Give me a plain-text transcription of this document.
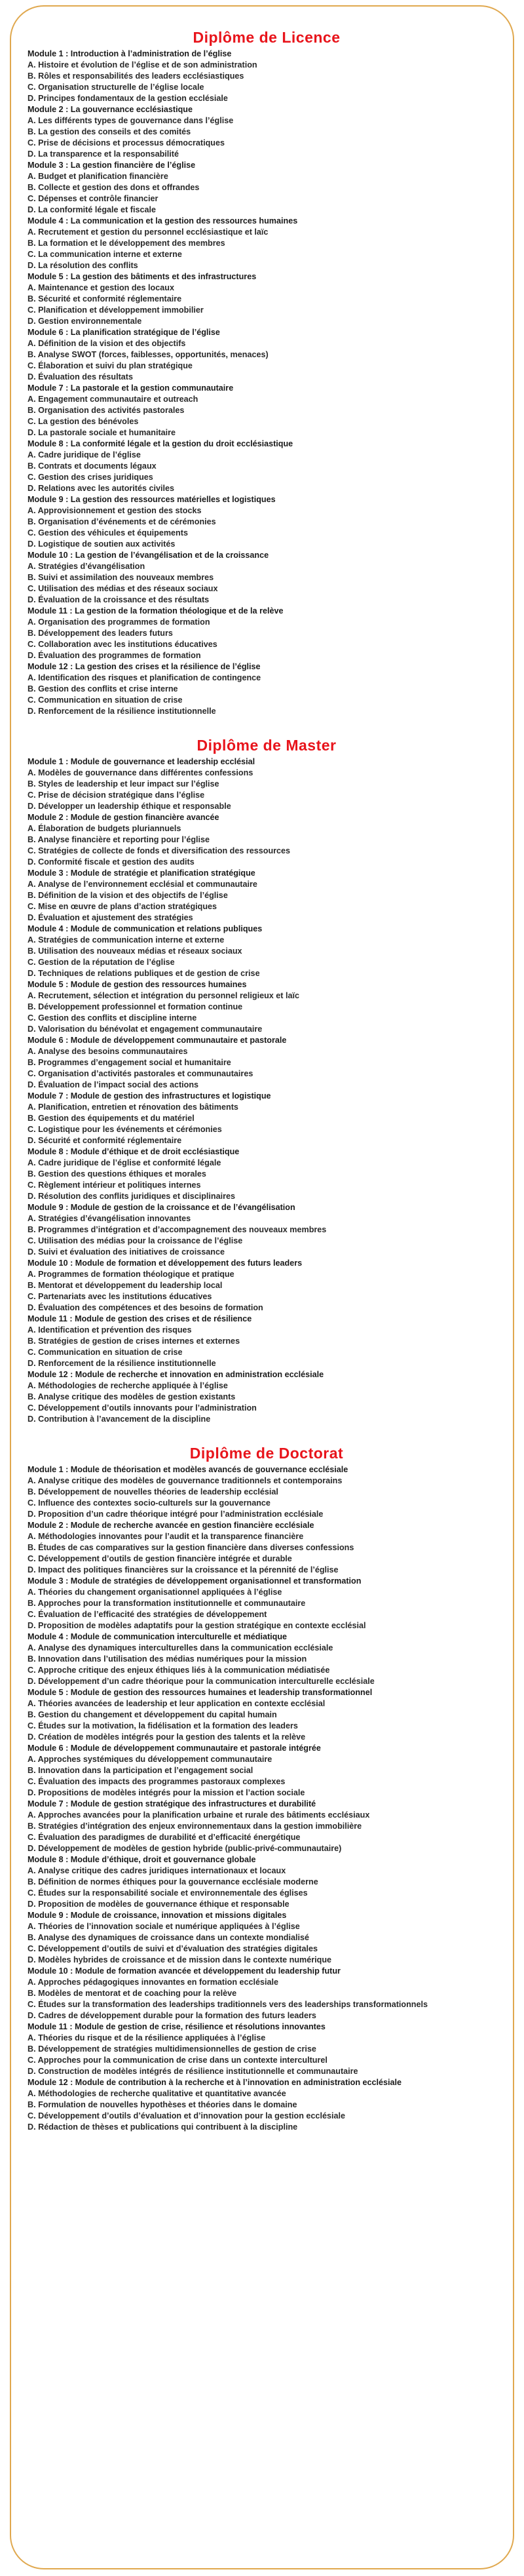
Diplôme de Licence
Module 1 : Introduction à l’administration de l’église
A. Histoire et évolution de l’église et de son administration
B. Rôles et responsabilités des leaders ecclésiastiques
C. Organisation structurelle de l’église locale
D. Principes fondamentaux de la gestion ecclésiale
Module 2 : La gouvernance ecclésiastique
A. Les différents types de gouvernance dans l’église
B. La gestion des conseils et des comités
C. Prise de décisions et processus démocratiques
D. La transparence et la responsabilité
Module 3 : La gestion financière de l’église
A. Budget et planification financière
B. Collecte et gestion des dons et offrandes
C. Dépenses et contrôle financier
D. La conformité légale et fiscale
Module 4 : La communication et la gestion des ressources humaines
A. Recrutement et gestion du personnel ecclésiastique et laïc
B. La formation et le développement des membres
C. La communication interne et externe
D. La résolution des conflits
Module 5 : La gestion des bâtiments et des infrastructures
A. Maintenance et gestion des locaux
B. Sécurité et conformité réglementaire
C. Planification et développement immobilier
D. Gestion environnementale
Module 6 : La planification stratégique de l’église
A. Définition de la vision et des objectifs
B. Analyse SWOT (forces, faiblesses, opportunités, menaces)
C. Élaboration et suivi du plan stratégique
D. Évaluation des résultats
Module 7 : La pastorale et la gestion communautaire
A. Engagement communautaire et outreach
B. Organisation des activités pastorales
C. La gestion des bénévoles
D. La pastorale sociale et humanitaire
Module 8 : La conformité légale et la gestion du droit ecclésiastique
A. Cadre juridique de l’église
B. Contrats et documents légaux
C. Gestion des crises juridiques
D. Relations avec les autorités civiles
Module 9 : La gestion des ressources matérielles et logistiques
A. Approvisionnement et gestion des stocks
B. Organisation d’événements et de cérémonies
C. Gestion des véhicules et équipements
D. Logistique de soutien aux activités
Module 10 : La gestion de l’évangélisation et de la croissance
A. Stratégies d’évangélisation
B. Suivi et assimilation des nouveaux membres
C. Utilisation des médias et des réseaux sociaux
D. Évaluation de la croissance et des résultats
Module 11 : La gestion de la formation théologique et de la relève
A. Organisation des programmes de formation
B. Développement des leaders futurs
C. Collaboration avec les institutions éducatives
D. Évaluation des programmes de formation
Module 12 : La gestion des crises et la résilience de l’église
A. Identification des risques et planification de contingence
B. Gestion des conflits et crise interne
C. Communication en situation de crise
D. Renforcement de la résilience institutionnelle
Diplôme de Master
Module 1 : Module de gouvernance et leadership ecclésial
A. Modèles de gouvernance dans différentes confessions
B. Styles de leadership et leur impact sur l’église
C. Prise de décision stratégique dans l’église
D. Développer un leadership éthique et responsable
Module 2 : Module de gestion financière avancée
A. Élaboration de budgets pluriannuels
B. Analyse financière et reporting pour l’église
C. Stratégies de collecte de fonds et diversification des ressources
D. Conformité fiscale et gestion des audits
Module 3 : Module de stratégie et planification stratégique
A. Analyse de l’environnement ecclésial et communautaire
B. Définition de la vision et des objectifs de l’église
C. Mise en œuvre de plans d’action stratégiques
D. Évaluation et ajustement des stratégies
Module 4 : Module de communication et relations publiques
A. Stratégies de communication interne et externe
B. Utilisation des nouveaux médias et réseaux sociaux
C. Gestion de la réputation de l’église
D. Techniques de relations publiques et de gestion de crise
Module 5 : Module de gestion des ressources humaines
A. Recrutement, sélection et intégration du personnel religieux et laïc
B. Développement professionnel et formation continue
C. Gestion des conflits et discipline interne
D. Valorisation du bénévolat et engagement communautaire
Module 6 : Module de développement communautaire et pastorale
A. Analyse des besoins communautaires
B. Programmes d’engagement social et humanitaire
C. Organisation d’activités pastorales et communautaires
D. Évaluation de l’impact social des actions
Module 7 : Module de gestion des infrastructures et logistique
A. Planification, entretien et rénovation des bâtiments
B. Gestion des équipements et du matériel
C. Logistique pour les événements et cérémonies
D. Sécurité et conformité réglementaire
Module 8 : Module d’éthique et de droit ecclésiastique
A. Cadre juridique de l’église et conformité légale
B. Gestion des questions éthiques et morales
C. Règlement intérieur et politiques internes
D. Résolution des conflits juridiques et disciplinaires
Module 9 : Module de gestion de la croissance et de l’évangélisation
A. Stratégies d’évangélisation innovantes
B. Programmes d’intégration et d’accompagnement des nouveaux membres
C. Utilisation des médias pour la croissance de l’église
D. Suivi et évaluation des initiatives de croissance
Module 10 : Module de formation et développement des futurs leaders
A. Programmes de formation théologique et pratique
B. Mentorat et développement du leadership local
C. Partenariats avec les institutions éducatives
D. Évaluation des compétences et des besoins de formation
Module 11 : Module de gestion des crises et de résilience
A. Identification et prévention des risques
B. Stratégies de gestion de crises internes et externes
C. Communication en situation de crise
D. Renforcement de la résilience institutionnelle
Module 12 : Module de recherche et innovation en administration ecclésiale
A. Méthodologies de recherche appliquée à l’église
B. Analyse critique des modèles de gestion existants
C. Développement d’outils innovants pour l’administration
D. Contribution à l’avancement de la discipline
Diplôme de Doctorat
Module 1 : Module de théorisation et modèles avancés de gouvernance ecclésiale
A. Analyse critique des modèles de gouvernance traditionnels et contemporains
B. Développement de nouvelles théories de leadership ecclésial
C. Influence des contextes socio-culturels sur la gouvernance
D. Proposition d’un cadre théorique intégré pour l’administration ecclésiale
Module 2 : Module de recherche avancée en gestion financière ecclésiale
A. Méthodologies innovantes pour l’audit et la transparence financière
B. Études de cas comparatives sur la gestion financière dans diverses confessions
C. Développement d’outils de gestion financière intégrée et durable
D. Impact des politiques financières sur la croissance et la pérennité de l’église
Module 3 : Module de stratégies de développement organisationnel et transformation
A. Théories du changement organisationnel appliquées à l’église
B. Approches pour la transformation institutionnelle et communautaire
C. Évaluation de l’efficacité des stratégies de développement
D. Proposition de modèles adaptatifs pour la gestion stratégique en contexte ecclésial
Module 4 : Module de communication interculturelle et médiatique
A. Analyse des dynamiques interculturelles dans la communication ecclésiale
B. Innovation dans l’utilisation des médias numériques pour la mission
C. Approche critique des enjeux éthiques liés à la communication médiatisée
D. Développement d’un cadre théorique pour la communication interculturelle ecclésiale
Module 5 : Module de gestion des ressources humaines et leadership transformationnel
A. Théories avancées de leadership et leur application en contexte ecclésial
B. Gestion du changement et développement du capital humain
C. Études sur la motivation, la fidélisation et la formation des leaders
D. Création de modèles intégrés pour la gestion des talents et la relève
Module 6 : Module de développement communautaire et pastorale intégrée
A. Approches systémiques du développement communautaire
B. Innovation dans la participation et l’engagement social
C. Évaluation des impacts des programmes pastoraux complexes
D. Propositions de modèles intégrés pour la mission et l’action sociale
Module 7 : Module de gestion stratégique des infrastructures et durabilité
A. Approches avancées pour la planification urbaine et rurale des bâtiments ecclésiaux
B. Stratégies d’intégration des enjeux environnementaux dans la gestion immobilière
C. Évaluation des paradigmes de durabilité et d’efficacité énergétique
D. Développement de modèles de gestion hybride (public-privé-communautaire)
Module 8 : Module d’éthique, droit et gouvernance globale
A. Analyse critique des cadres juridiques internationaux et locaux
B. Définition de normes éthiques pour la gouvernance ecclésiale moderne
C. Études sur la responsabilité sociale et environnementale des églises
D. Proposition de modèles de gouvernance éthique et responsable
Module 9 : Module de croissance, innovation et missions digitales
A. Théories de l’innovation sociale et numérique appliquées à l’église
B. Analyse des dynamiques de croissance dans un contexte mondialisé
C. Développement d’outils de suivi et d’évaluation des stratégies digitales
D. Modèles hybrides de croissance et de mission dans le contexte numérique
Module 10 : Module de formation avancée et développement du leadership futur
A. Approches pédagogiques innovantes en formation ecclésiale
B. Modèles de mentorat et de coaching pour la relève
C. Études sur la transformation des leaderships traditionnels vers des leaderships transformationnels
D. Cadres de développement durable pour la formation des futurs leaders
Module 11 : Module de gestion de crise, résilience et résolutions innovantes
A. Théories du risque et de la résilience appliquées à l’église
B. Développement de stratégies multidimensionnelles de gestion de crise
C. Approches pour la communication de crise dans un contexte interculturel
D. Construction de modèles intégrés de résilience institutionnelle et communautaire
Module 12 : Module de contribution à la recherche et à l’innovation en administration ecclésiale
A. Méthodologies de recherche qualitative et quantitative avancée
B. Formulation de nouvelles hypothèses et théories dans le domaine
C. Développement d’outils d’évaluation et d’innovation pour la gestion ecclésiale
D. Rédaction de thèses et publications qui contribuent à la discipline
